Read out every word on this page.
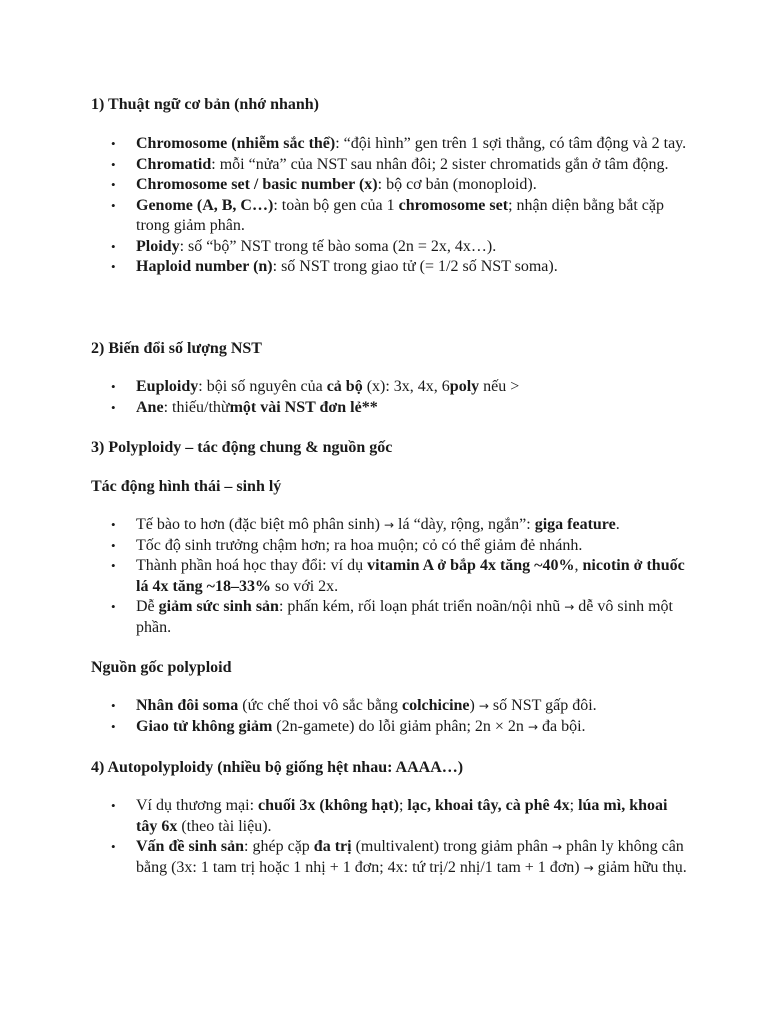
1) Thuật ngữ cơ bản (nhớ nhanh)
• Chromosome (nhiễm sắc thể): “đội hình” gen trên 1 sợi thẳng, có tâm động và 2 tay.
• Chromatid: mỗi “nửa” của NST sau nhân đôi; 2 sister chromatids gắn ở tâm động.
• Chromosome set / basic number (x): bộ cơ bản (monoploid).
• Genome (A, B, C…): toàn bộ gen của 1 chromosome set; nhận diện bằng bắt cặp trong giảm phân.
• Ploidy: số “bộ” NST trong tế bào soma (2n = 2x, 4x…).
• Haploid number (n): số NST trong giao tử (= 1/2 số NST soma).
2) Biến đổi số lượng NST
• Euploidy: bội số nguyên của cả bộ (x): 3x, 4x, 6poly nếu >
• Ane: thiếu/thừmột vài NST đơn lẻ**
3) Polyploidy – tác động chung & nguồn gốc
Tác động hình thái – sinh lý
• Tế bào to hơn (đặc biệt mô phân sinh) → lá “dày, rộng, ngắn”: giga feature.
• Tốc độ sinh trưởng chậm hơn; ra hoa muộn; cỏ có thể giảm đẻ nhánh.
• Thành phần hoá học thay đổi: ví dụ vitamin A ở bắp 4x tăng ~40%, nicotin ở thuốc lá 4x tăng ~18–33% so với 2x.
• Dễ giảm sức sinh sản: phấn kém, rối loạn phát triển noãn/nội nhũ → dễ vô sinh một phần.
Nguồn gốc polyploid
• Nhân đôi soma (ức chế thoi vô sắc bằng colchicine) → số NST gấp đôi.
• Giao tử không giảm (2n-gamete) do lỗi giảm phân; 2n × 2n → đa bội.
4) Autopolyploidy (nhiều bộ giống hệt nhau: AAAA…)
• Ví dụ thương mại: chuối 3x (không hạt); lạc, khoai tây, cà phê 4x; lúa mì, khoai tây 6x (theo tài liệu).
• Vấn đề sinh sản: ghép cặp đa trị (multivalent) trong giảm phân → phân ly không cân bằng (3x: 1 tam trị hoặc 1 nhị + 1 đơn; 4x: tứ trị/2 nhị/1 tam + 1 đơn) → giảm hữu thụ.
